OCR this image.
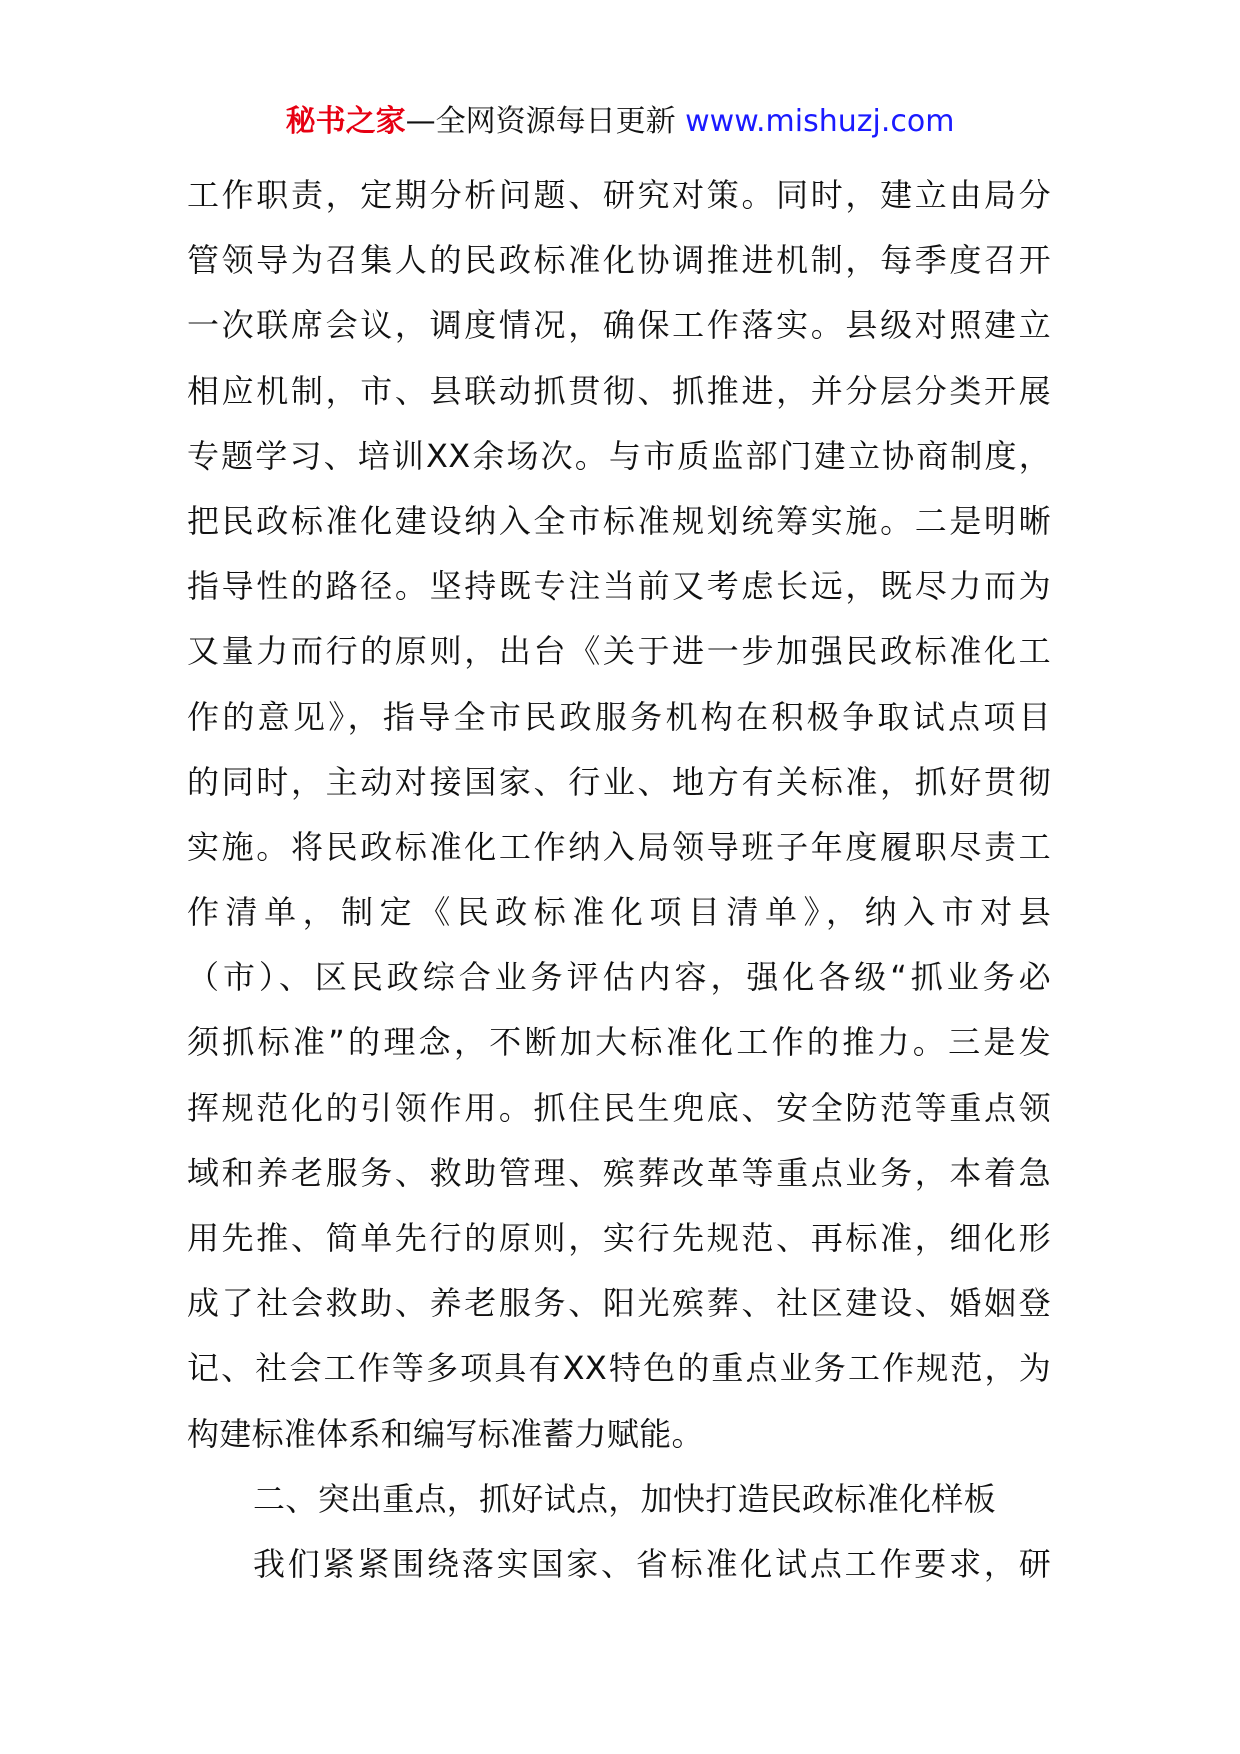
秘书之家—全网资源每日更新 www.mishuzj.com
工作职责，定期分析问题、研究对策。同时，建立由局分
管领导为召集人的民政标准化协调推进机制，每季度召开
一次联席会议，调度情况，确保工作落实。县级对照建立
相应机制，市、县联动抓贯彻、抓推进，并分层分类开展
专题学习、培训XX余场次。与市质监部门建立协商制度，
把民政标准化建设纳入全市标准规划统筹实施。二是明晰
指导性的路径。坚持既专注当前又考虑长远，既尽力而为
又量力而行的原则，出台《关于进一步加强民政标准化工
作的意见》，指导全市民政服务机构在积极争取试点项目
的同时，主动对接国家、行业、地方有关标准，抓好贯彻
实施。将民政标准化工作纳入局领导班子年度履职尽责工
作清单，制定《民政标准化项目清单》，纳入市对县
（市）、区民政综合业务评估内容，强化各级“抓业务必
须抓标准”的理念，不断加大标准化工作的推力。三是发
挥规范化的引领作用。抓住民生兜底、安全防范等重点领
域和养老服务、救助管理、殡葬改革等重点业务，本着急
用先推、简单先行的原则，实行先规范、再标准，细化形
成了社会救助、养老服务、阳光殡葬、社区建设、婚姻登
记、社会工作等多项具有XX特色的重点业务工作规范，为
构建标准体系和编写标准蓄力赋能。
二、突出重点，抓好试点，加快打造民政标准化样板
我们紧紧围绕落实国家、省标准化试点工作要求，研
